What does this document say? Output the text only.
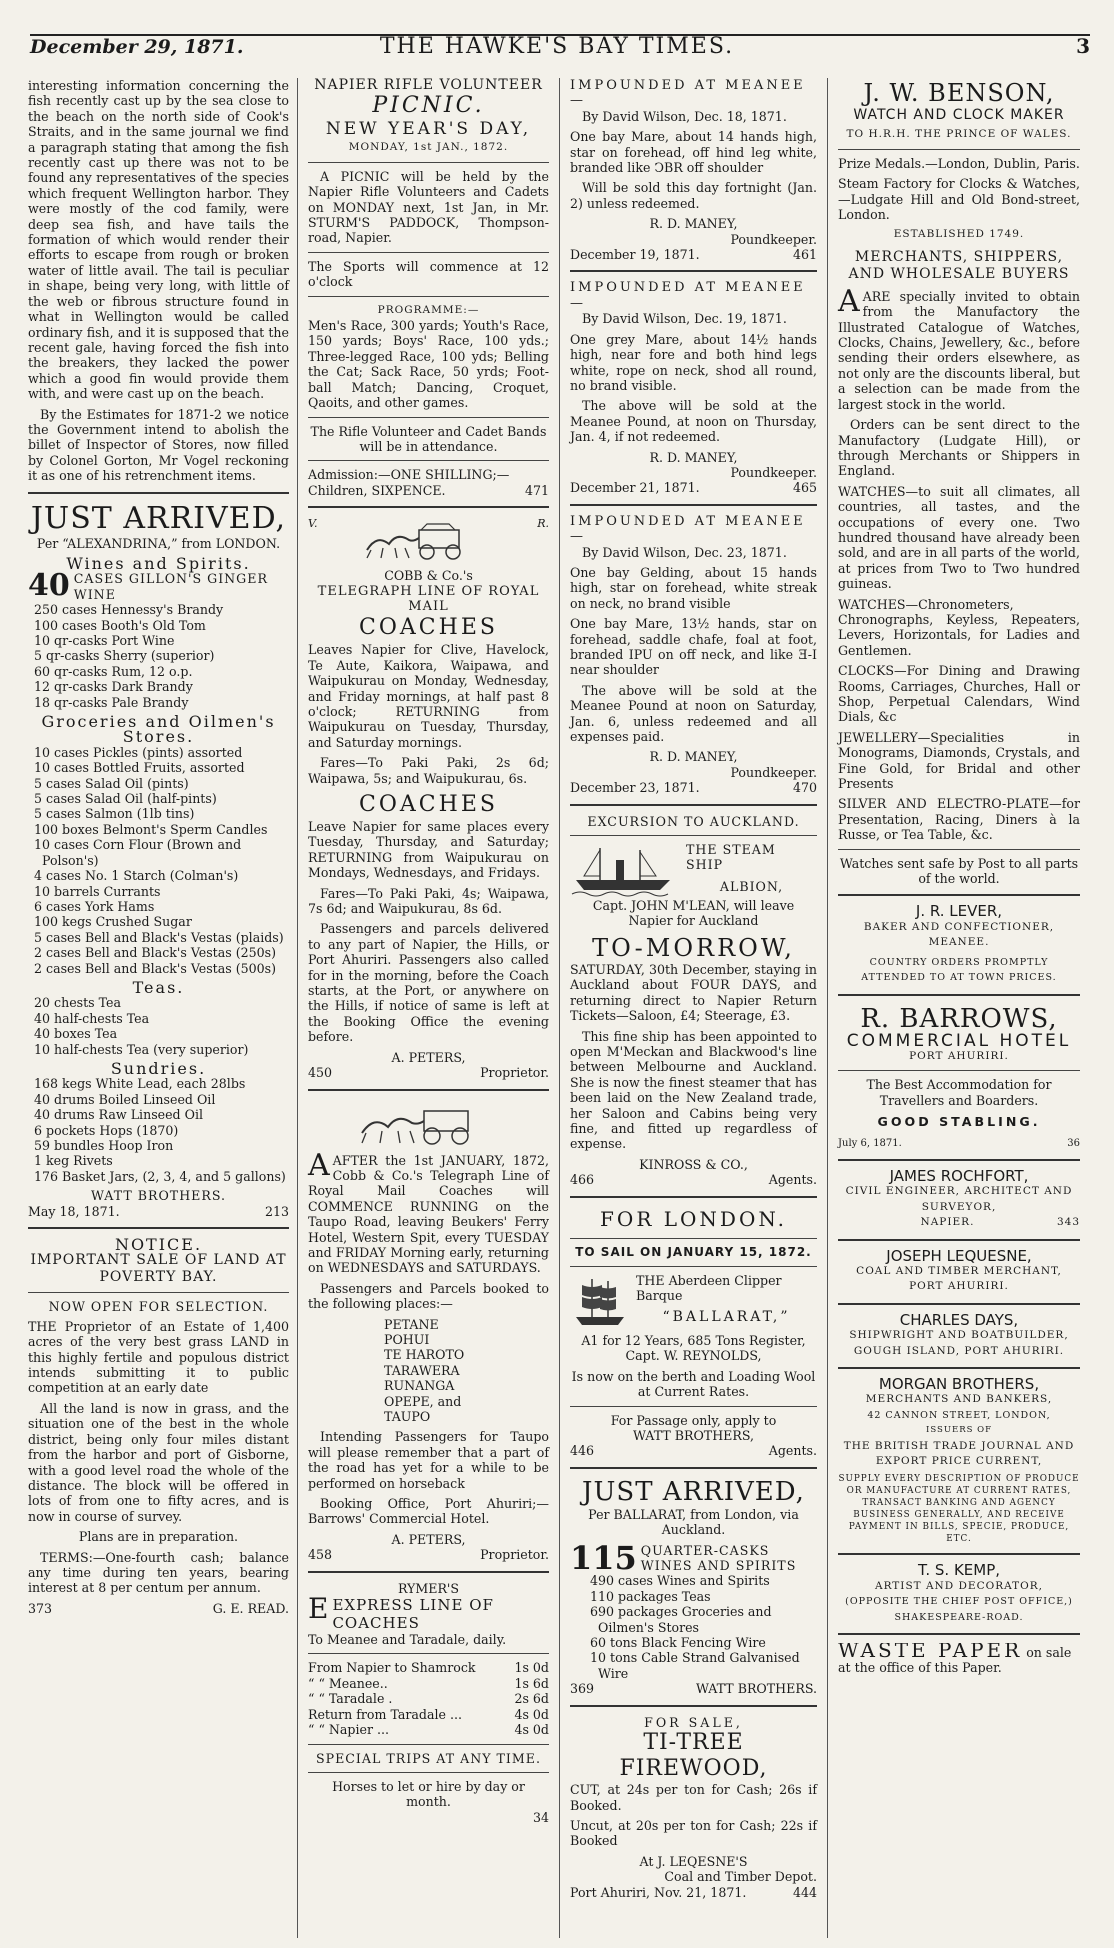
December 29, 1871.	THE HAWKE'S BAY TIMES.	3

interesting information concerning the fish recently cast up by the sea close to the beach on the north side of Cook's Straits, and in the same journal we find a paragraph stating that among the fish recently cast up there was not to be found any representatives of the species which frequent Wellington harbor. They were mostly of the cod family, were deep sea fish, and have tails the formation of which would render their efforts to escape from rough or broken water of little avail. The tail is peculiar in shape, being very long, with little of the web or fibrous structure found in what in Wellington would be called ordinary fish, and it is supposed that the recent gale, having forced the fish into the breakers, they lacked the power which a good fin would provide them with, and were cast up on the beach.

By the Estimates for 1871-2 we notice the Government intend to abolish the billet of Inspector of Stores, now filled by Colonel Gorton, Mr Vogel reckoning it as one of his retrenchment items.

JUST ARRIVED,

Per “ALEXANDRINA,” from LONDON.

Wines and Spirits.
40 CASES GILLON'S GINGER WINE
250 cases Hennessy's Brandy
100 cases Booth's Old Tom
10 qr-casks Port Wine
5 qr-casks Sherry (superior)
60 qr-casks Rum, 12 o.p.
12 qr-casks Dark Brandy
18 qr-casks Pale Brandy
Groceries and Oilmen's Stores.
10 cases Pickles (pints) assorted
10 cases Bottled Fruits, assorted
5 cases Salad Oil (pints)
5 cases Salad Oil (half-pints)
5 cases Salmon (1lb tins)
100 boxes Belmont's Sperm Candles
10 cases Corn Flour (Brown and Polson's)
4 cases No. 1 Starch (Colman's)
10 barrels Currants
6 cases York Hams
100 kegs Crushed Sugar
5 cases Bell and Black's Vestas (plaids)
2 cases Bell and Black's Vestas (250s)
2 cases Bell and Black's Vestas (500s)
Teas.
20 chests Tea
40 half-chests Tea
40 boxes Tea
10 half-chests Tea (very superior)
Sundries.
168 kegs White Lead, each 28lbs
40 drums Boiled Linseed Oil
40 drums Raw Linseed Oil
6 pockets Hops (1870)
59 bundles Hoop Iron
1 keg Rivets
176 Basket Jars, (2, 3, 4, and 5 gallons)
WATT BROTHERS.
May 18, 1871.	213
NOTICE.
IMPORTANT SALE OF LAND AT POVERTY BAY.
NOW OPEN FOR SELECTION.

THE Proprietor of an Estate of 1,400 acres of the very best grass LAND in this highly fertile and populous district intends submitting it to public competition at an early date

All the land is now in grass, and the situation one of the best in the whole district, being only four miles distant from the harbor and port of Gisborne, with a good level road the whole of the distance. The block will be offered in lots of from one to fifty acres, and is now in course of survey.

Plans are in preparation.

TERMS:—One-fourth cash; balance any time during ten years, bearing interest at 8 per centum per annum.

373	G. E. READ.
NAPIER RIFLE VOLUNTEER
PICNIC.
NEW YEAR'S DAY,
MONDAY, 1st JAN., 1872.

A PICNIC will be held by the Napier Rifle Volunteers and Cadets on MONDAY next, 1st Jan, in Mr. STURM'S PADDOCK, Thompson-road, Napier.

The Sports will commence at 12 o'clock

PROGRAMME:—

Men's Race, 300 yards; Youth's Race, 150 yards; Boys' Race, 100 yds.; Three-legged Race, 100 yds; Belling the Cat; Sack Race, 50 yrds; Foot-ball Match; Dancing, Croquet, Qaoits, and other games.

The Rifle Volunteer and Cadet Bands will be in attendance.

Admission:—ONE SHILLING;—Children, SIXPENCE.	471
V.	R.
COBB & Co.'s
TELEGRAPH LINE OF ROYAL MAIL
COACHES

Leaves Napier for Clive, Havelock, Te Aute, Kaikora, Waipawa, and Waipukurau on Monday, Wednesday, and Friday mornings, at half past 8 o'clock; RETURNING from Waipukurau on Tuesday, Thursday, and Saturday mornings.

Fares—To Paki Paki, 2s 6d; Waipawa, 5s; and Waipukurau, 6s.

COACHES

Leave Napier for same places every Tuesday, Thursday, and Saturday; RETURNING from Waipukurau on Mondays, Wednesdays, and Fridays.

Fares—To Paki Paki, 4s; Waipawa, 7s 6d; and Waipukurau, 8s 6d.

Passengers and parcels delivered to any part of Napier, the Hills, or Port Ahuriri. Passengers also called for in the morning, before the Coach starts, at the Port, or anywhere on the Hills, if notice of same is left at the Booking Office the evening before.

A. PETERS,
450	Proprietor.

AAFTER the 1st JANUARY, 1872, Cobb & Co.'s Telegraph Line of Royal Mail Coaches will COMMENCE RUNNING on the Taupo Road, leaving Beukers' Ferry Hotel, Western Spit, every TUESDAY and FRIDAY Morning early, returning on WEDNESDAYS and SATURDAYS.

Passengers and Parcels booked to the following places:—

PETANE
POHUI
TE HAROTO
TARAWERA
RUNANGA
OPEPE, and
TAUPO

Intending Passengers for Taupo will please remember that a part of the road has yet for a while to be performed on horseback

Booking Office, Port Ahuriri;—Barrows' Commercial Hotel.

A. PETERS,
458	Proprietor.
RYMER'S
EEXPRESS LINE OF COACHES
To Meanee and Taradale, daily.
From Napier to Shamrock	1s 0d
“ “ Meanee..	1s 6d
“ “ Taradale .	2s 6d
Return from Taradale ...	4s 0d
“ “ Napier ...	4s 0d
SPECIAL TRIPS AT ANY TIME.
Horses to let or hire by day or month.
34
IMPOUNDED AT MEANEE—

By David Wilson, Dec. 18, 1871.

One bay Mare, about 14 hands high, star on forehead, off hind leg white, branded like ↃBR off shoulder

Will be sold this day fortnight (Jan. 2) unless redeemed.

R. D. MANEY,
Poundkeeper.
December 19, 1871.	461
IMPOUNDED AT MEANEE—

By David Wilson, Dec. 19, 1871.

One grey Mare, about 14½ hands high, near fore and both hind legs white, rope on neck, shod all round, no brand visible.

The above will be sold at the Meanee Pound, at noon on Thursday, Jan. 4, if not redeemed.

R. D. MANEY,
Poundkeeper.
December 21, 1871.	465
IMPOUNDED AT MEANEE—

By David Wilson, Dec. 23, 1871.

One bay Gelding, about 15 hands high, star on forehead, white streak on neck, no brand visible

One bay Mare, 13½ hands, star on forehead, saddle chafe, foal at foot, branded IPU on off neck, and like Ǝ-I near shoulder

The above will be sold at the Meanee Pound at noon on Saturday, Jan. 6, unless redeemed and all expenses paid.

R. D. MANEY,
Poundkeeper.
December 23, 1871.	470
EXCURSION TO AUCKLAND.
THE STEAM SHIP
ALBION,

Capt. JOHN M'LEAN, will leave Napier for Auckland

TO-MORROW,

SATURDAY, 30th December, staying in Auckland about FOUR DAYS, and returning direct to Napier Return Tickets—Saloon, £4; Steerage, £3.

This fine ship has been appointed to open M'Meckan and Blackwood's line between Melbourne and Auckland. She is now the finest steamer that has been laid on the New Zealand trade, her Saloon and Cabins being very fine, and fitted up regardless of expense.

KINROSS & CO.,
466	Agents.
FOR LONDON.
TO SAIL ON JANUARY 15, 1872.
THE Aberdeen Clipper Barque
“BALLARAT,”

A1 for 12 Years, 685 Tons Register, Capt. W. REYNOLDS,

Is now on the berth and Loading Wool at Current Rates.

For Passage only, apply to
WATT BROTHERS,
446	Agents.
JUST ARRIVED,

Per BALLARAT, from London, via Auckland.

115 QUARTER-CASKS WINES AND SPIRITS
490 cases Wines and Spirits
110 packages Teas
690 packages Groceries and Oilmen's Stores
60 tons Black Fencing Wire
10 tons Cable Strand Galvanised Wire
369	WATT BROTHERS.
FOR SALE,
TI-TREE FIREWOOD,

CUT, at 24s per ton for Cash; 26s if Booked.

Uncut, at 20s per ton for Cash; 22s if Booked

At J. LEQESNE'S
Coal and Timber Depot.
Port Ahuriri, Nov. 21, 1871.	444
J. W. BENSON,
WATCH AND CLOCK MAKER
TO H.R.H. THE PRINCE OF WALES.

Prize Medals.—London, Dublin, Paris.

Steam Factory for Clocks & Watches, —Ludgate Hill and Old Bond-street, London.

ESTABLISHED 1749.
MERCHANTS, SHIPPERS, AND WHOLESALE BUYERS

AARE specially invited to obtain from the Manufactory the Illustrated Catalogue of Watches, Clocks, Chains, Jewellery, &c., before sending their orders elsewhere, as not only are the discounts liberal, but a selection can be made from the largest stock in the world.

Orders can be sent direct to the Manufactory (Ludgate Hill), or through Merchants or Shippers in England.

WATCHES—to suit all climates, all countries, all tastes, and the occupations of every one. Two hundred thousand have already been sold, and are in all parts of the world, at prices from Two to Two hundred guineas.

WATCHES—Chronometers, Chronographs, Keyless, Repeaters, Levers, Horizontals, for Ladies and Gentlemen.

CLOCKS—For Dining and Drawing Rooms, Carriages, Churches, Hall or Shop, Perpetual Calendars, Wind Dials, &c

JEWELLERY—Specialities in Monograms, Diamonds, Crystals, and Fine Gold, for Bridal and other Presents

SILVER AND ELECTRO-PLATE—for Presentation, Racing, Diners à la Russe, or Tea Table, &c.

Watches sent safe by Post to all parts of the world.

J. R. LEVER,
BAKER AND CONFECTIONER,
MEANEE.
COUNTRY ORDERS PROMPTLY ATTENDED TO AT TOWN PRICES.
R. BARROWS,
COMMERCIAL HOTEL
PORT AHURIRI.

The Best Accommodation for Travellers and Boarders.

GOOD STABLING.
July 6, 1871.	36
JAMES ROCHFORT,
CIVIL ENGINEER, ARCHITECT AND SURVEYOR,
NAPIER.	343
JOSEPH LEQUESNE,
COAL AND TIMBER MERCHANT,
PORT AHURIRI.
CHARLES DAYS,
SHIPWRIGHT AND BOATBUILDER,
GOUGH ISLAND, PORT AHURIRI.
MORGAN BROTHERS,
MERCHANTS AND BANKERS,
42 CANNON STREET, LONDON,
ISSUERS OF
THE BRITISH TRADE JOURNAL AND EXPORT PRICE CURRENT,
SUPPLY EVERY DESCRIPTION OF PRODUCE OR MANUFACTURE AT CURRENT RATES, TRANSACT BANKING AND AGENCY BUSINESS GENERALLY, AND RECEIVE PAYMENT IN BILLS, SPECIE, PRODUCE, ETC.
T. S. KEMP,
ARTIST AND DECORATOR,
(OPPOSITE THE CHIEF POST OFFICE,)
SHAKESPEARE-ROAD.
WASTE PAPER on sale at the office of this Paper.
